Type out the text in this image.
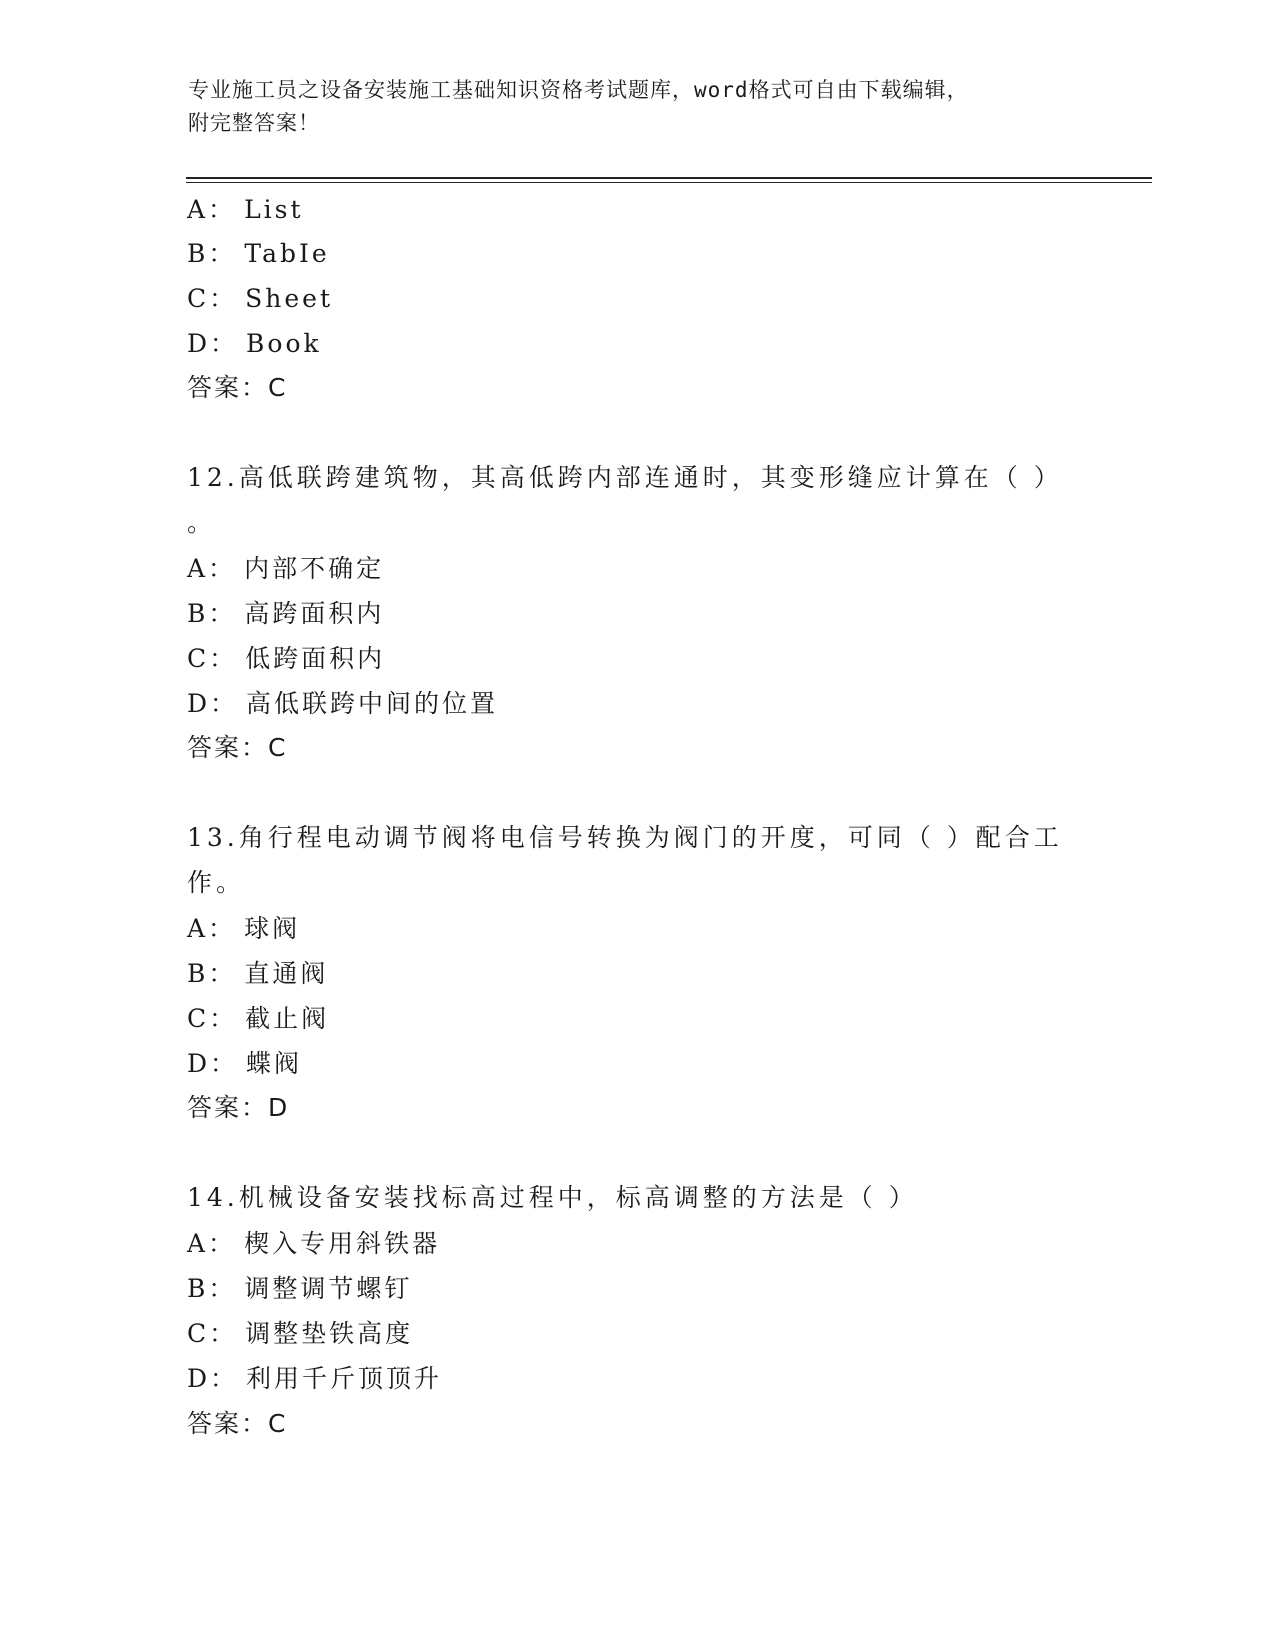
专业施工员之设备安装施工基础知识资格考试题库，word格式可自由下载编辑，
附完整答案！
A： List
B： TabIe
C： Sheet
D： Book
答案：C
12.高低联跨建筑物，其高低跨内部连通时，其变形缝应计算在（ ）
。
A： 内部不确定
B： 高跨面积内
C： 低跨面积内
D： 高低联跨中间的位置
答案：C
13.角行程电动调节阀将电信号转换为阀门的开度，可同（ ）配合工
作。
A： 球阀
B： 直通阀
C： 截止阀
D： 蝶阀
答案：D
14.机械设备安装找标高过程中，标高调整的方法是（ ）
A： 楔入专用斜铁器
B： 调整调节螺钉
C： 调整垫铁高度
D： 利用千斤顶顶升
答案：C
